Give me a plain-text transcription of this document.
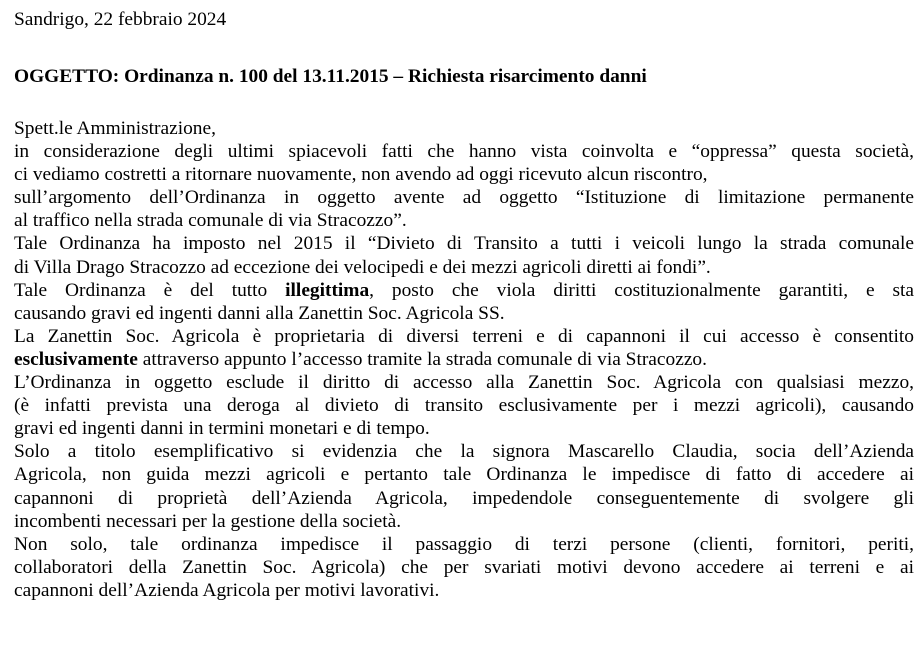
Sandrigo, 22 febbraio 2024
OGGETTO: Ordinanza n. 100 del 13.11.2015 – Richiesta risarcimento danni
Spett.le Amministrazione,
in considerazione degli ultimi spiacevoli fatti che hanno vista coinvolta e “oppressa” questa società,
ci vediamo costretti a ritornare nuovamente, non avendo ad oggi ricevuto alcun riscontro,
sull’argomento dell’Ordinanza in oggetto avente ad oggetto “Istituzione di limitazione permanente
al traffico nella strada comunale di via Stracozzo”.
Tale Ordinanza ha imposto nel 2015 il “Divieto di Transito a tutti i veicoli lungo la strada comunale
di Villa Drago Stracozzo ad eccezione dei velocipedi e dei mezzi agricoli diretti ai fondi”.
Tale Ordinanza è del tutto illegittima, posto che viola diritti costituzionalmente garantiti, e sta
causando gravi ed ingenti danni alla Zanettin Soc. Agricola SS.
La Zanettin Soc. Agricola è proprietaria di diversi terreni e di capannoni il cui accesso è consentito
esclusivamente attraverso appunto l’accesso tramite la strada comunale di via Stracozzo.
L’Ordinanza in oggetto esclude il diritto di accesso alla Zanettin Soc. Agricola con qualsiasi mezzo,
(è infatti prevista una deroga al divieto di transito esclusivamente per i mezzi agricoli), causando
gravi ed ingenti danni in termini monetari e di tempo.
Solo a titolo esemplificativo si evidenzia che la signora Mascarello Claudia, socia dell’Azienda
Agricola, non guida mezzi agricoli e pertanto tale Ordinanza le impedisce di fatto di accedere ai
capannoni di proprietà dell’Azienda Agricola, impedendole conseguentemente di svolgere gli
incombenti necessari per la gestione della società.
Non solo, tale ordinanza impedisce il passaggio di terzi persone (clienti, fornitori, periti,
collaboratori della Zanettin Soc. Agricola) che per svariati motivi devono accedere ai terreni e ai
capannoni dell’Azienda Agricola per motivi lavorativi.
